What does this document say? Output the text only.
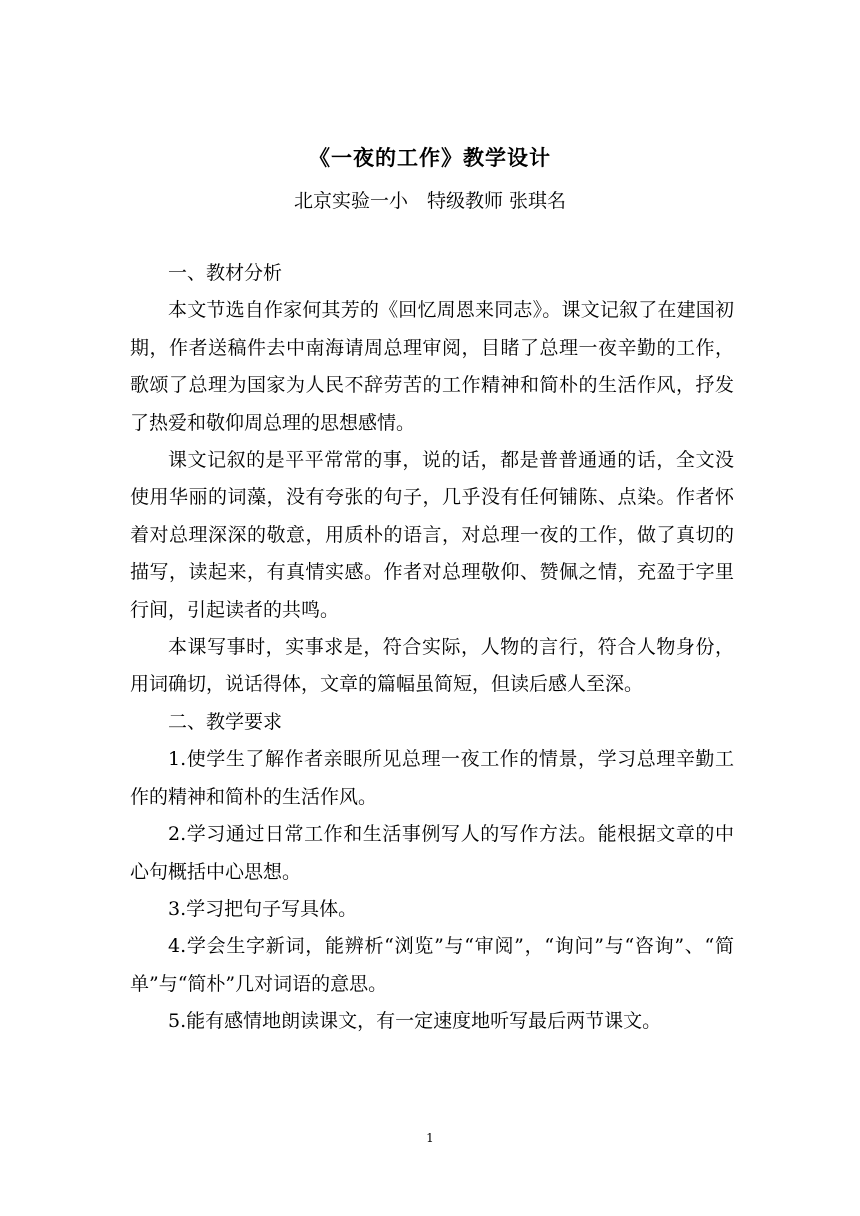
《一夜的工作》教学设计
北京实验一小　特级教师 张琪名

一、教材分析

本文节选自作家何其芳的《回忆周恩来同志》。课文记叙了在建国初期，作者送稿件去中南海请周总理审阅，目睹了总理一夜辛勤的工作，歌颂了总理为国家为人民不辞劳苦的工作精神和简朴的生活作风，抒发了热爱和敬仰周总理的思想感情。

课文记叙的是平平常常的事，说的话，都是普普通通的话，全文没使用华丽的词藻，没有夸张的句子，几乎没有任何铺陈、点染。作者怀着对总理深深的敬意，用质朴的语言，对总理一夜的工作，做了真切的描写，读起来，有真情实感。作者对总理敬仰、赞佩之情，充盈于字里行间，引起读者的共鸣。

本课写事时，实事求是，符合实际，人物的言行，符合人物身份，用词确切，说话得体，文章的篇幅虽简短，但读后感人至深。

二、教学要求

1.使学生了解作者亲眼所见总理一夜工作的情景，学习总理辛勤工作的精神和简朴的生活作风。

2.学习通过日常工作和生活事例写人的写作方法。能根据文章的中心句概括中心思想。

3.学习把句子写具体。

4.学会生字新词，能辨析“浏览”与“审阅”，“询问”与“咨询”、“简单”与“简朴”几对词语的意思。

5.能有感情地朗读课文，有一定速度地听写最后两节课文。

1
